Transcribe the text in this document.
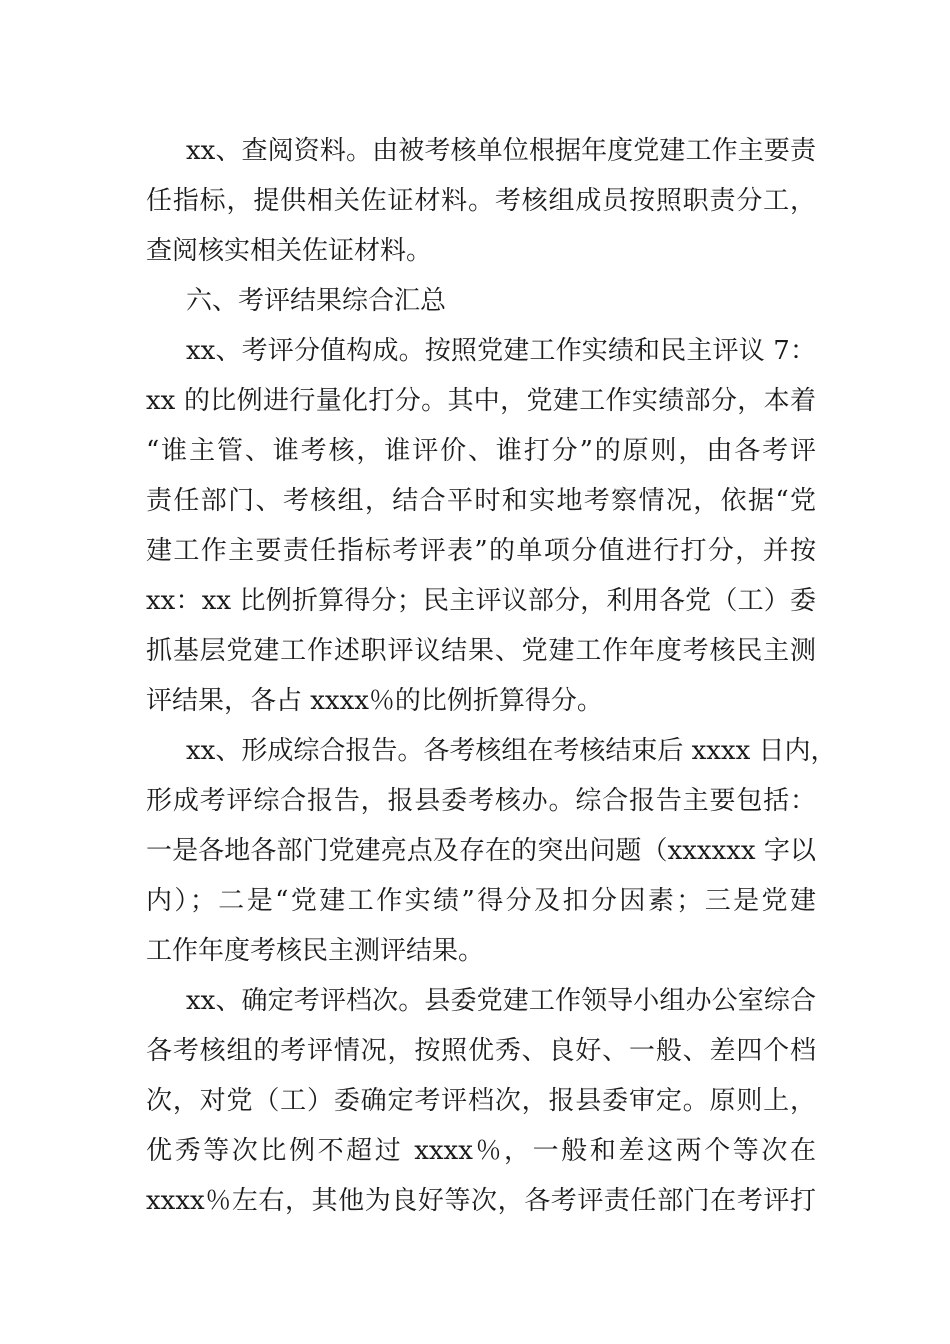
xx、查阅资料。由被考核单位根据年度党建工作主要责
任指标，提供相关佐证材料。考核组成员按照职责分工，
查阅核实相关佐证材料。
六、考评结果综合汇总
xx、考评分值构成。按照党建工作实绩和民主评议 7：
xx 的比例进行量化打分。其中，党建工作实绩部分，本着
“谁主管、谁考核，谁评价、谁打分”的原则，由各考评
责任部门、考核组，结合平时和实地考察情况，依据“党
建工作主要责任指标考评表”的单项分值进行打分，并按
xx：xx 比例折算得分；民主评议部分，利用各党（工）委
抓基层党建工作述职评议结果、党建工作年度考核民主测
评结果，各占 xxxx％的比例折算得分。
xx、形成综合报告。各考核组在考核结束后 xxxx 日内，
形成考评综合报告，报县委考核办。综合报告主要包括：
一是各地各部门党建亮点及存在的突出问题（xxxxxx 字以
内）；二是“党建工作实绩”得分及扣分因素；三是党建
工作年度考核民主测评结果。
xx、确定考评档次。县委党建工作领导小组办公室综合
各考核组的考评情况，按照优秀、良好、一般、差四个档
次，对党（工）委确定考评档次，报县委审定。原则上，
优秀等次比例不超过 xxxx％，一般和差这两个等次在
xxxx％左右，其他为良好等次，各考评责任部门在考评打
